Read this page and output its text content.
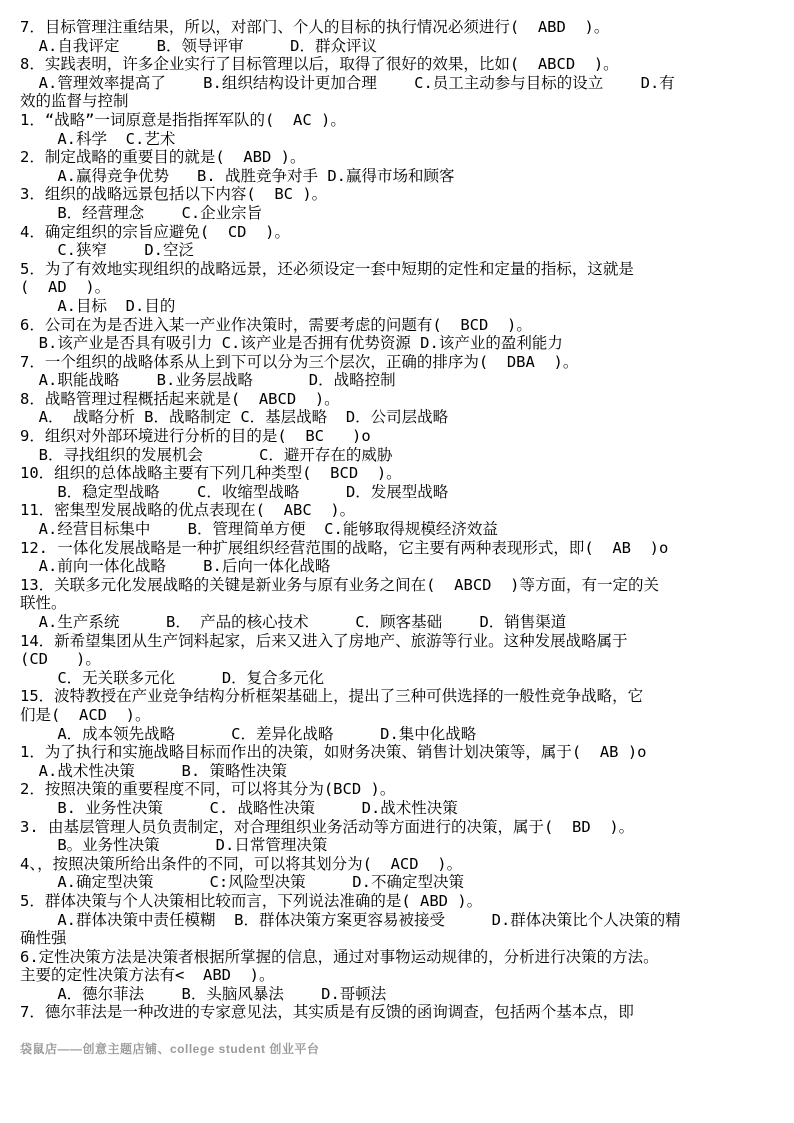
7．目标管理注重结果，所以，对部门、个人的目标的执行情况必须进行(  ABD  )。
A.自我评定    B．领导评审     D．群众评议
8．实践表明，许多企业实行了目标管理以后，取得了很好的效果，比如(  ABCD  )。
A.管理效率提高了    B.组织结构设计更加合理    C.员工主动参与目标的设立    D.有
效的监督与控制
1．“战略”一词原意是指指挥军队的(  AC )。
A.科学  C.艺术
2．制定战略的重要目的就是(  ABD )。
A.赢得竞争优势   B. 战胜竞争对手 D.赢得市场和顾客
3．组织的战略远景包括以下内容(  BC )。
B．经营理念    C.企业宗旨
4．确定组织的宗旨应避免(  CD  )。
C.狭窄    D.空泛
5．为了有效地实现组织的战略远景，还必须设定一套中短期的定性和定量的指标，这就是
(  AD  )。
A.目标  D.目的
6．公司在为是否进入某一产业作决策时，需要考虑的问题有(  BCD  )。
B.该产业是否具有吸引力 C.该产业是否拥有优势资源 D.该产业的盈利能力
7．一个组织的战略体系从上到下可以分为三个层次，正确的排序为(  DBA  )。
A.职能战略    B.业务层战略      D．战略控制
8．战略管理过程概括起来就是(  ABCD  )。
A． 战略分析 B．战略制定 C．基层战略  D．公司层战略
9．组织对外部环境进行分析的目的是(  BC   )o
B．寻找组织的发展机会      C．避开存在的威胁
10．组织的总体战略主要有下列几种类型(  BCD  )。
B．稳定型战略    C．收缩型战略     D．发展型战略
11．密集型发展战略的优点表现在(  ABC  )。
A.经营目标集中    B．管理简单方便  C.能够取得规模经济效益
12. 一体化发展战略是一种扩展组织经营范围的战略，它主要有两种表现形式，即(  AB  )o
A.前向一体化战略    B.后向一体化战略
13．关联多元化发展战略的关键是新业务与原有业务之间在(  ABCD  )等方面，有一定的关
联性。
A.生产系统     B． 产品的核心技术     C．顾客基础    D．销售渠道
14．新希望集团从生产饲料起家，后来又进入了房地产、旅游等行业。这种发展战略属于
(CD   )。
C．无关联多元化     D．复合多元化
15．波特教授在产业竞争结构分析框架基础上，提出了三种可供选择的一般性竞争战略，它
们是(  ACD  )。
A．成本领先战略      C．差异化战略     D.集中化战略
1．为了执行和实施战略目标而作出的决策，如财务决策、销售计划决策等，属于(  AB )o
A.战术性决策     B. 策略性决策
2．按照决策的重要程度不同，可以将其分为(BCD )。
B. 业务性决策     C. 战略性决策     D.战术性决策
3. 由基层管理人员负责制定，对合理组织业务活动等方面进行的决策，属于(  BD  )。
B。业务性决策      D.日常管理决策
4、，按照决策所给出条件的不同，可以将其划分为(  ACD  )。
A.确定型决策      C:风险型决策     D.不确定型决策
5．群体决策与个人决策相比较而言，下列说法准确的是( ABD )。
A.群体决策中责任模糊  B．群体决策方案更容易被接受     D.群体决策比个人决策的精
确性强
6.定性决策方法是决策者根据所掌握的信息，通过对事物运动规律的，分析进行决策的方法。
主要的定性决策方法有<  ABD  )。
A．德尔菲法    B．头脑风暴法    D.哥顿法
7．德尔菲法是一种改进的专家意见法，其实质是有反馈的函询调查，包括两个基本点，即
袋鼠店——创意主题店铺、college student 创业平台
